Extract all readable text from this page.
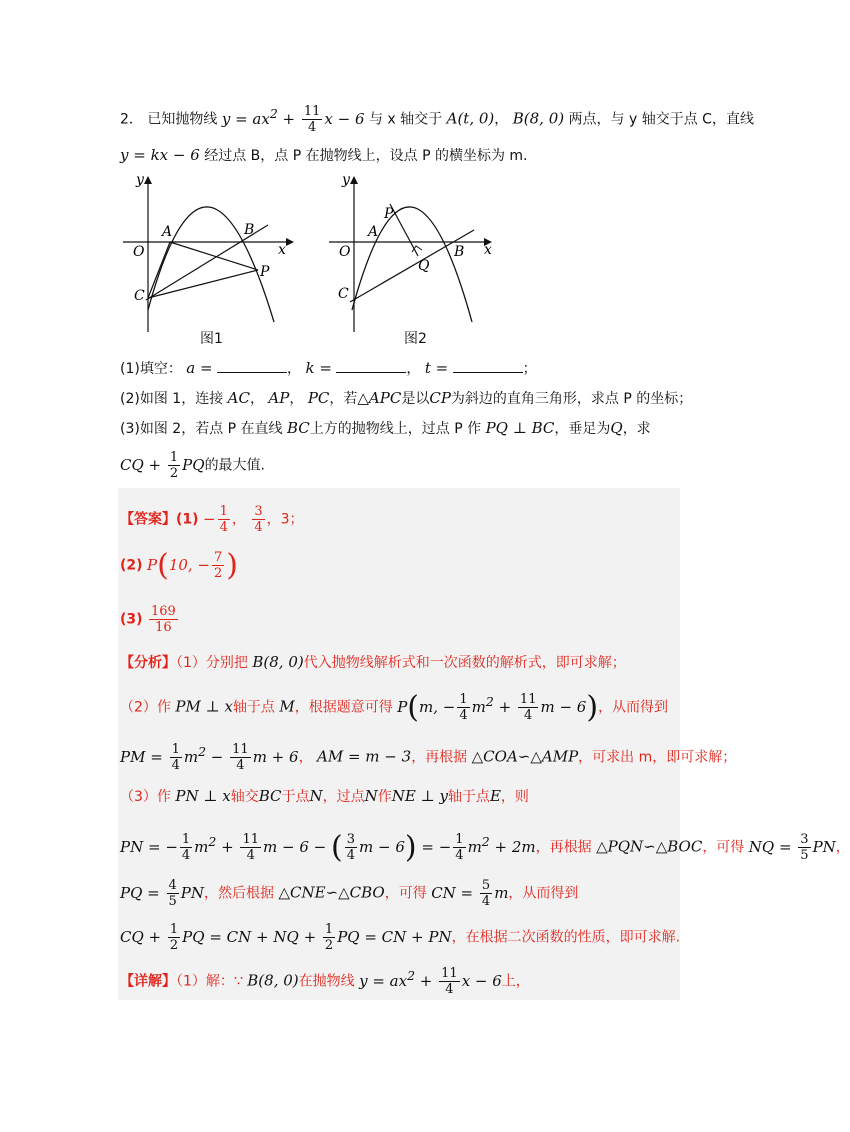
2． 已知抛物线 $y = ax^2 + \frac{11}{4}$ x − 6 与 x 轴交于 A(t, 0)， B(8, 0) 两点，与 y 轴交于点 C，直线
y = kx − 6 经过点 B，点 P 在抛物线上，设点 P 的横坐标为 m.
x
y
O
A	B
C
P
图1
x
y
O
P
A
B
Q
C
图2
(1)填空： a =	， k =	， t =	；
(2)如图 1，连接 AC， AP， PC，若△APC是以CP为斜边的直角三角形，求点 P 的坐标；
(3)如图 2，若点 P 在直线 BC上方的抛物线上，过点 P 作 PQ ⊥ BC，垂足为Q，求
CQ + $\frac{1}{2}$ PQ的最大值.
【答案】$(1) - \frac{1}{4}$ ， $\frac{3}{4}$ ，3；
(2) P(10, − $\frac{7}{2}$ )
$(3) \frac{169}{16}$
【分析】（1）分别把 B(8, 0)代入抛物线解析式和一次函数的解析式，即可求解；
（2）作 PM ⊥ x轴于点 M，根据题意可得 P(m, − $\frac{1}{4} m^2 + \frac{11}{4}$ m − 6)，从而得到
PM = $\frac{1}{4} m^2 - \frac{11}{4}$ m + 6， AM = m − 3，再根据 △COA∽△AMP，可求出 m，即可求解；
（3）作 PN ⊥ x轴交BC于点N，过点N作NE ⊥ y轴于点E，则
PN = − $\frac{1}{4} m^2 + \frac{11}{4}$ m − 6 − ( $\frac{3}{4}$ m − 6) = − $\frac{1}{4} m^2 + 2m$，再根据 △PQN∽△BOC，可得 NQ = $\frac{3}{5}$ PN，
PQ = $\frac{4}{5}$ PN，然后根据 △CNE∽△CBO，可得 CN = $\frac{5}{4}$ m，从而得到
CQ + $\frac{1}{2}$ PQ = CN + NQ + $\frac{1}{2}$ PQ = CN + PN，在根据二次函数的性质，即可求解.
【详解】（1）解：∵ B(8, 0)在抛物线 $y = ax^2 + \frac{11}{4}$ x − 6上，
